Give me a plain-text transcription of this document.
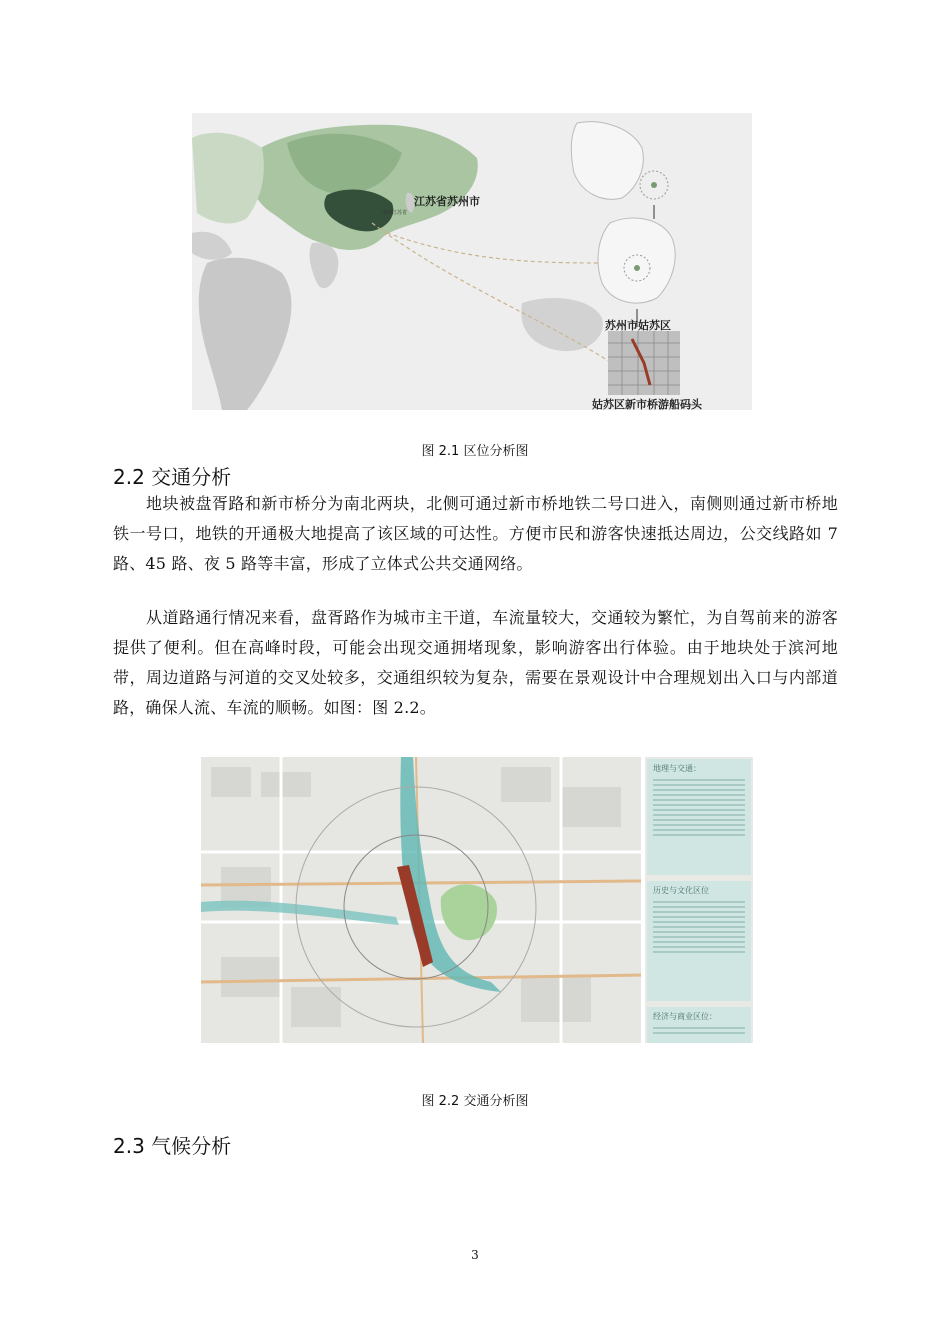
江苏省苏州市
苏州市姑苏区
姑苏区新市桥游船码头
中国江苏省
图 2.1 区位分析图
2.2 交通分析

地块被盘胥路和新市桥分为南北两块，北侧可通过新市桥地铁二号口进入，南侧则通过新市桥地铁一号口，地铁的开通极大地提高了该区域的可达性。方便市民和游客快速抵达周边，公交线路如 7 路、45 路、夜 5 路等丰富，形成了立体式公共交通网络。

从道路通行情况来看，盘胥路作为城市主干道，车流量较大，交通较为繁忙，为自驾前来的游客提供了便利。但在高峰时段，可能会出现交通拥堵现象，影响游客出行体验。由于地块处于滨河地带，周边道路与河道的交叉处较多，交通组织较为复杂，需要在景观设计中合理规划出入口与内部道路，确保人流、车流的顺畅。如图：图 2.2。

地理与交通：
历史与文化区位
经济与商业区位：
图 2.2 交通分析图
2.3 气候分析
3
